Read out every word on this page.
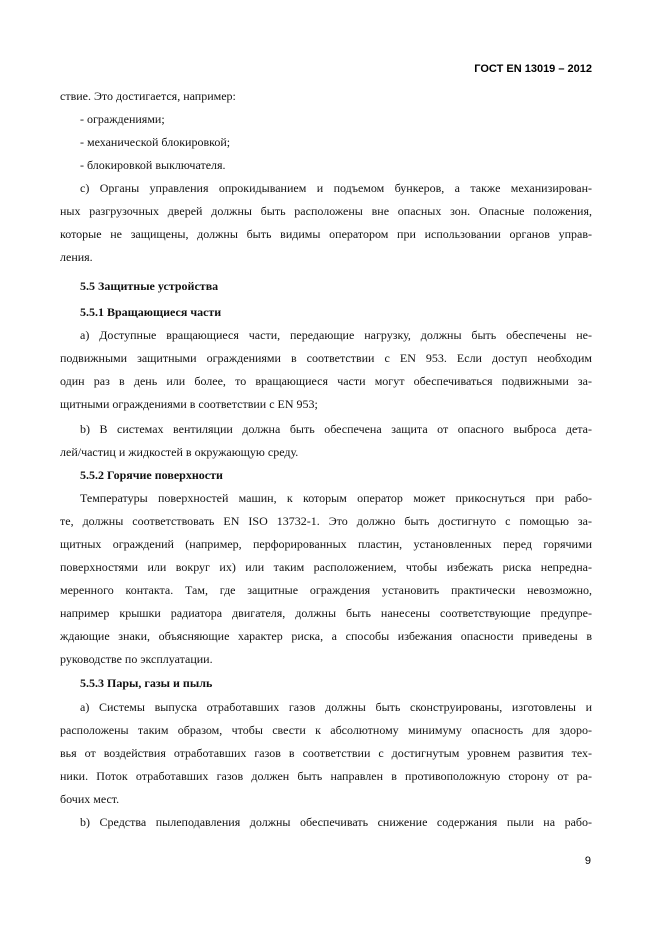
ГОСТ EN 13019 – 2012
ствие. Это достигается, например:
- ограждениями;
- механической блокировкой;
- блокировкой выключателя.
с) Органы управления опрокидыванием и подъемом бункеров, а также механизирован-
ных разгрузочных дверей должны быть расположены вне опасных зон. Опасные положения,
которые не защищены, должны быть видимы оператором при использовании органов управ-
ления.
5.5 Защитные устройства
5.5.1 Вращающиеся части
a) Доступные вращающиеся части, передающие нагрузку, должны быть обеспечены не-
подвижными защитными ограждениями в соответствии с EN 953. Если доступ необходим
один раз в день или более, то вращающиеся части могут обеспечиваться подвижными за-
щитными ограждениями в соответствии с EN 953;
b) В системах вентиляции должна быть обеспечена защита от опасного выброса дета-
лей/частиц и жидкостей в окружающую среду.
5.5.2 Горячие поверхности
Температуры поверхностей машин, к которым оператор может прикоснуться при рабо-
те, должны соответствовать EN ISO 13732-1. Это должно быть достигнуто с помощью за-
щитных ограждений (например, перфорированных пластин, установленных перед горячими
поверхностями или вокруг их) или таким расположением, чтобы избежать риска непредна-
меренного контакта. Там, где защитные ограждения установить практически невозможно,
например крышки радиатора двигателя, должны быть нанесены соответствующие предупре-
ждающие знаки, объясняющие характер риска, а способы избежания опасности приведены в
руководстве по эксплуатации.
5.5.3 Пары, газы и пыль
a) Системы выпуска отработавших газов должны быть сконструированы, изготовлены и
расположены таким образом, чтобы свести к абсолютному минимуму опасность для здоро-
вья от воздействия отработавших газов в соответствии с достигнутым уровнем развития тех-
ники. Поток отработавших газов должен быть направлен в противоположную сторону от ра-
бочих мест.
b) Средства пылеподавления должны обеспечивать снижение содержания пыли на рабо-
9
